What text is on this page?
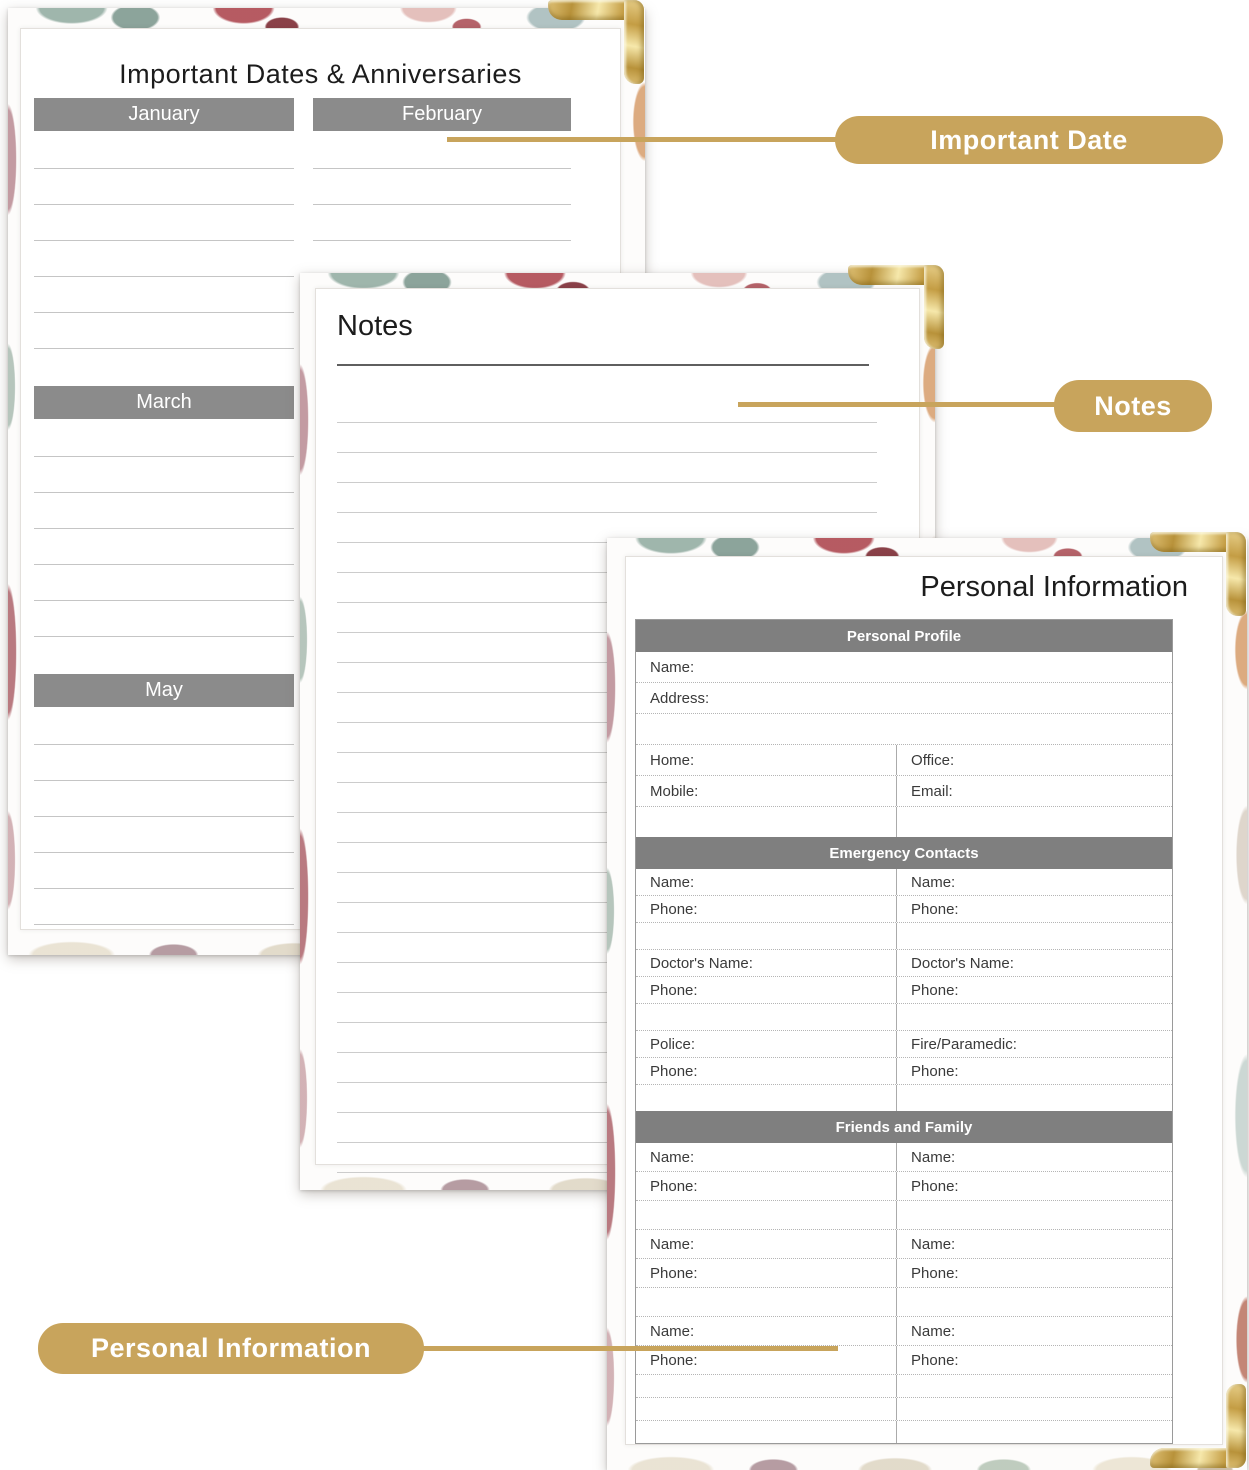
Important Dates & Anniversaries
January
March
May
February
Notes
Personal Information
Personal Profile
Name:
Address:
Home:	Office:
Mobile:	Email:
Emergency Contacts
Name:	Name:
Phone:	Phone:
Doctor's Name:	Doctor's Name:
Phone:	Phone:
Police:	Fire/Paramedic:
Phone:	Phone:
Friends and Family
Name:	Name:
Phone:	Phone:
Name:	Name:
Phone:	Phone:
Name:	Name:
Phone:	Phone:
Important Date
Notes
Personal Information
